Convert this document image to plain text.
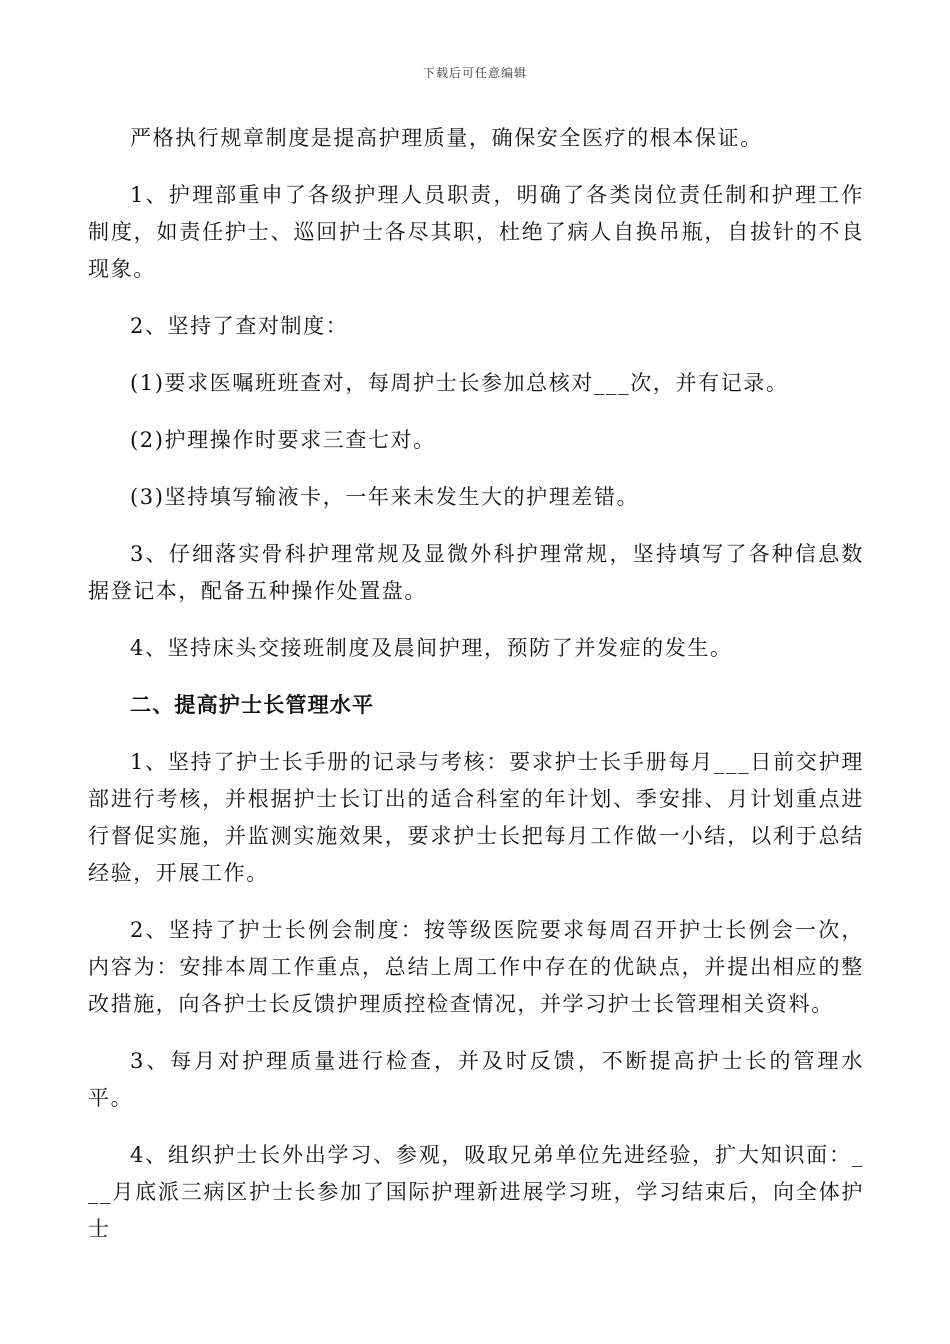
下载后可任意编辑

严格执行规章制度是提高护理质量，确保安全医疗的根本保证。

1、护理部重申了各级护理人员职责，明确了各类岗位责任制和护理工作制度，如责任护士、巡回护士各尽其职，杜绝了病人自换吊瓶，自拔针的不良现象。

2、坚持了查对制度：

(1)要求医嘱班班查对，每周护士长参加总核对___次，并有记录。

(2)护理操作时要求三查七对。

(3)坚持填写输液卡，一年来未发生大的护理差错。

3、仔细落实骨科护理常规及显微外科护理常规，坚持填写了各种信息数据登记本，配备五种操作处置盘。

4、坚持床头交接班制度及晨间护理，预防了并发症的发生。

二、提高护士长管理水平

1、坚持了护士长手册的记录与考核：要求护士长手册每月___日前交护理部进行考核，并根据护士长订出的适合科室的年计划、季安排、月计划重点进行督促实施，并监测实施效果，要求护士长把每月工作做一小结，以利于总结经验，开展工作。

2、坚持了护士长例会制度：按等级医院要求每周召开护士长例会一次，内容为：安排本周工作重点，总结上周工作中存在的优缺点，并提出相应的整改措施，向各护士长反馈护理质控检查情况，并学习护士长管理相关资料。

3、每月对护理质量进行检查，并及时反馈，不断提高护士长的管理水平。

4、组织护士长外出学习、参观，吸取兄弟单位先进经验，扩大知识面：___月底派三病区护士长参加了国际护理新进展学习班，学习结束后，向全体护士
